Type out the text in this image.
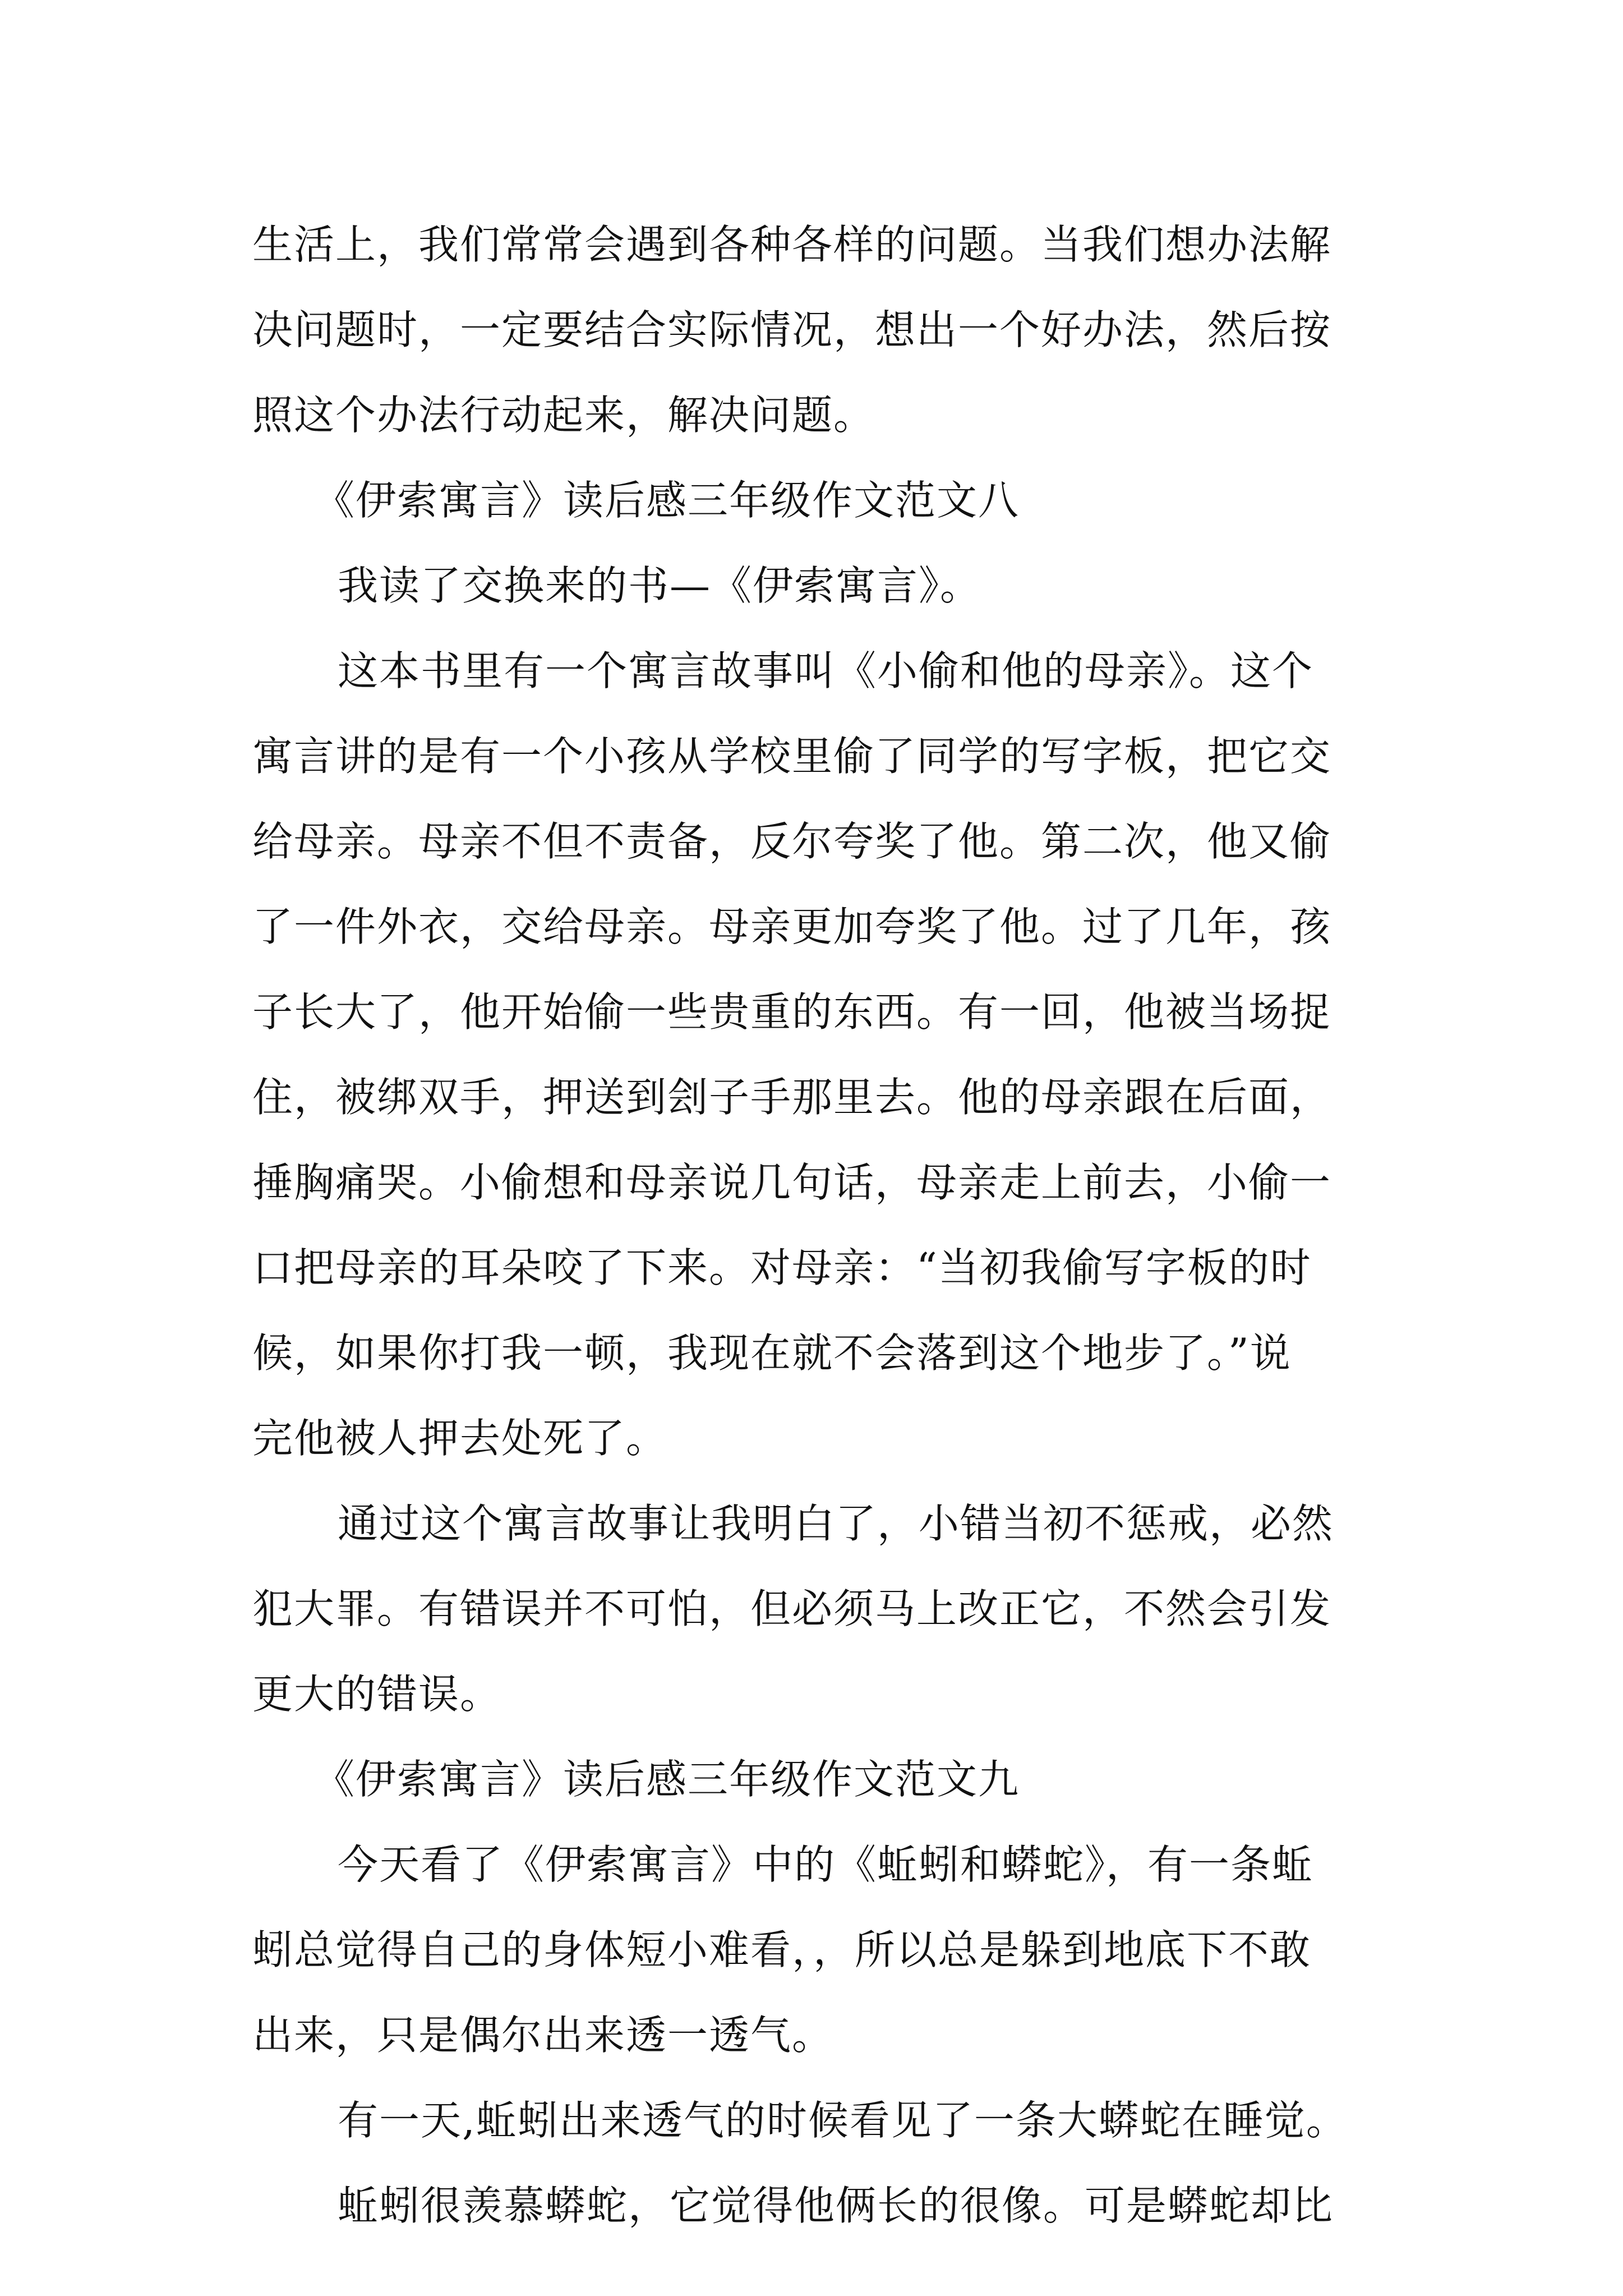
生活上，我们常常会遇到各种各样的问题。当我们想办法解
决问题时，一定要结合实际情况，想出一个好办法，然后按
照这个办法行动起来，解决问题。
《伊索寓言》读后感三年级作文范文八
我读了交换来的书—《伊索寓言》。
这本书里有一个寓言故事叫《小偷和他的母亲》。这个
寓言讲的是有一个小孩从学校里偷了同学的写字板，把它交
给母亲。母亲不但不责备，反尔夸奖了他。第二次，他又偷
了一件外衣，交给母亲。母亲更加夸奖了他。过了几年，孩
子长大了，他开始偷一些贵重的东西。有一回，他被当场捉
住，被绑双手，押送到刽子手那里去。他的母亲跟在后面，
捶胸痛哭。小偷想和母亲说几句话，母亲走上前去，小偷一
口把母亲的耳朵咬了下来。对母亲：“当初我偷写字板的时
候，如果你打我一顿，我现在就不会落到这个地步了。”说
完他被人押去处死了。
通过这个寓言故事让我明白了，小错当初不惩戒，必然
犯大罪。有错误并不可怕，但必须马上改正它，不然会引发
更大的错误。
《伊索寓言》读后感三年级作文范文九
今天看了《伊索寓言》中的《蚯蚓和蟒蛇》，有一条蚯
蚓总觉得自己的身体短小难看，，所以总是躲到地底下不敢
出来，只是偶尔出来透一透气。
有一天,蚯蚓出来透气的时候看见了一条大蟒蛇在睡觉。
蚯蚓很羡慕蟒蛇，它觉得他俩长的很像。可是蟒蛇却比
